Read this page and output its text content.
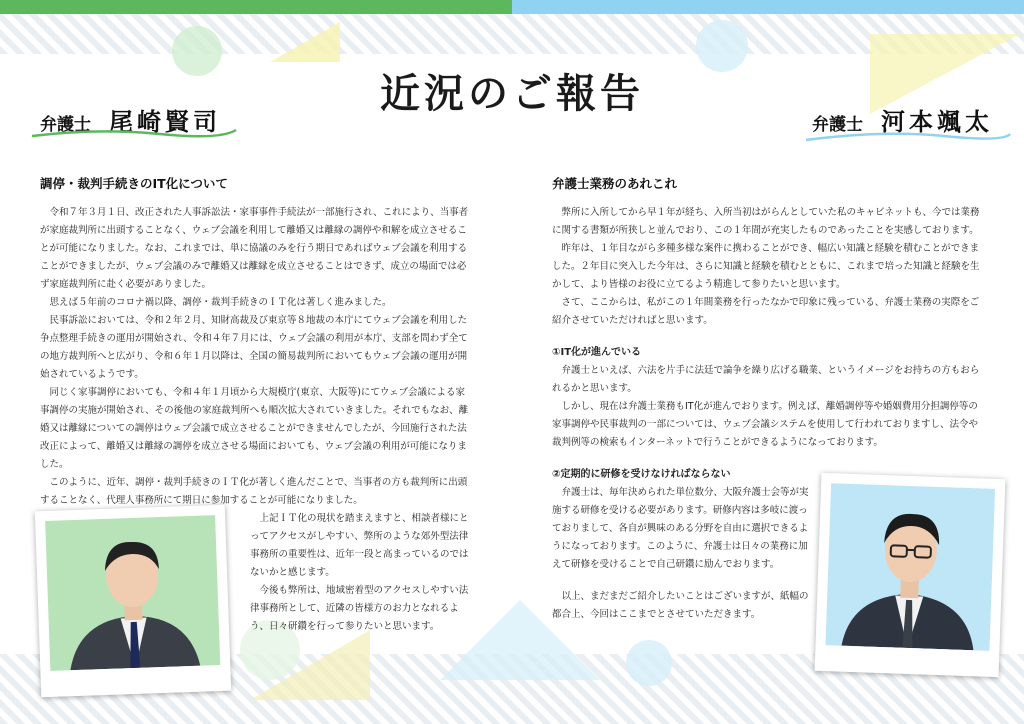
近況のご報告
弁護士 尾崎賢司	弁護士 河本颯太
調停・裁判手続きのIT化について

令和７年３月１日、改正された人事訴訟法・家事事件手続法が一部施行され、これにより、当事者が家庭裁判所に出頭することなく、ウェブ会議を利用して離婚又は離縁の調停や和解を成立させることが可能になりました。なお、これまでは、単に協議のみを行う期日であればウェブ会議を利用することができましたが、ウェブ会議のみで離婚又は離縁を成立させることはできず、成立の場面では必ず家庭裁判所に赴く必要がありました。

思えば５年前のコロナ禍以降、調停・裁判手続きのＩＴ化は著しく進みました。

民事訴訟においては、令和２年２月、知財高裁及び東京等８地裁の本庁にてウェブ会議を利用した争点整理手続きの運用が開始され、令和４年７月には、ウェブ会議の利用が本庁、支部を問わず全ての地方裁判所へと広がり、令和６年１月以降は、全国の簡易裁判所においてもウェブ会議の運用が開始されているようです。

同じく家事調停においても、令和４年１月頃から大規模庁(東京、大阪等)にてウェブ会議による家事調停の実施が開始され、その後他の家庭裁判所へも順次拡大されていきました。それでもなお、離婚又は離縁についての調停はウェブ会議で成立させることができませんでしたが、今回施行された法改正によって、離婚又は離縁の調停を成立させる場面においても、ウェブ会議の利用が可能になりました。

このように、近年、調停・裁判手続きのＩＴ化が著しく進んだことで、当事者の方も裁判所に出頭することなく、代理人事務所にて期日に参加することが可能になりました。

上記ＩＴ化の現状を踏まえますと、相談者様にとってアクセスがしやすい、弊所のような郊外型法律事務所の重要性は、近年一段と高まっているのではないかと感じます。

今後も弊所は、地域密着型のアクセスしやすい法律事務所として、近隣の皆様方のお力となれるよう、日々研鑽を行って参りたいと思います。

弁護士業務のあれこれ

弊所に入所してから早１年が経ち、入所当初はがらんとしていた私のキャビネットも、今では業務に関する書類が所狭しと並んでおり、この１年間が充実したものであったことを実感しております。

昨年は、１年目ながら多種多様な案件に携わることができ、幅広い知識と経験を積むことができました。２年目に突入した今年は、さらに知識と経験を積むとともに、これまで培った知識と経験を生かして、より皆様のお役に立てるよう精進して参りたいと思います。

さて、ここからは、私がこの１年間業務を行ったなかで印象に残っている、弁護士業務の実際をご紹介させていただければと思います。

①IT化が進んでいる

弁護士といえば、六法を片手に法廷で論争を繰り広げる職業、というイメージをお持ちの方もおられるかと思います。

しかし、現在は弁護士業務もIT化が進んでおります。例えば、離婚調停等や婚姻費用分担調停等の家事調停や民事裁判の一部については、ウェブ会議システムを使用して行われておりますし、法令や裁判例等の検索もインターネットで行うことができるようになっております。

②定期的に研修を受けなければならない

弁護士は、毎年決められた単位数分、大阪弁護士会等が実施する研修を受ける必要があります。研修内容は多岐に渡っておりまして、各自が興味のある分野を自由に選択できるようになっております。このように、弁護士は日々の業務に加えて研修を受けることで自己研鑽に励んでおります。

以上、まだまだご紹介したいことはございますが、紙幅の都合上、今回はここまでとさせていただきます。
